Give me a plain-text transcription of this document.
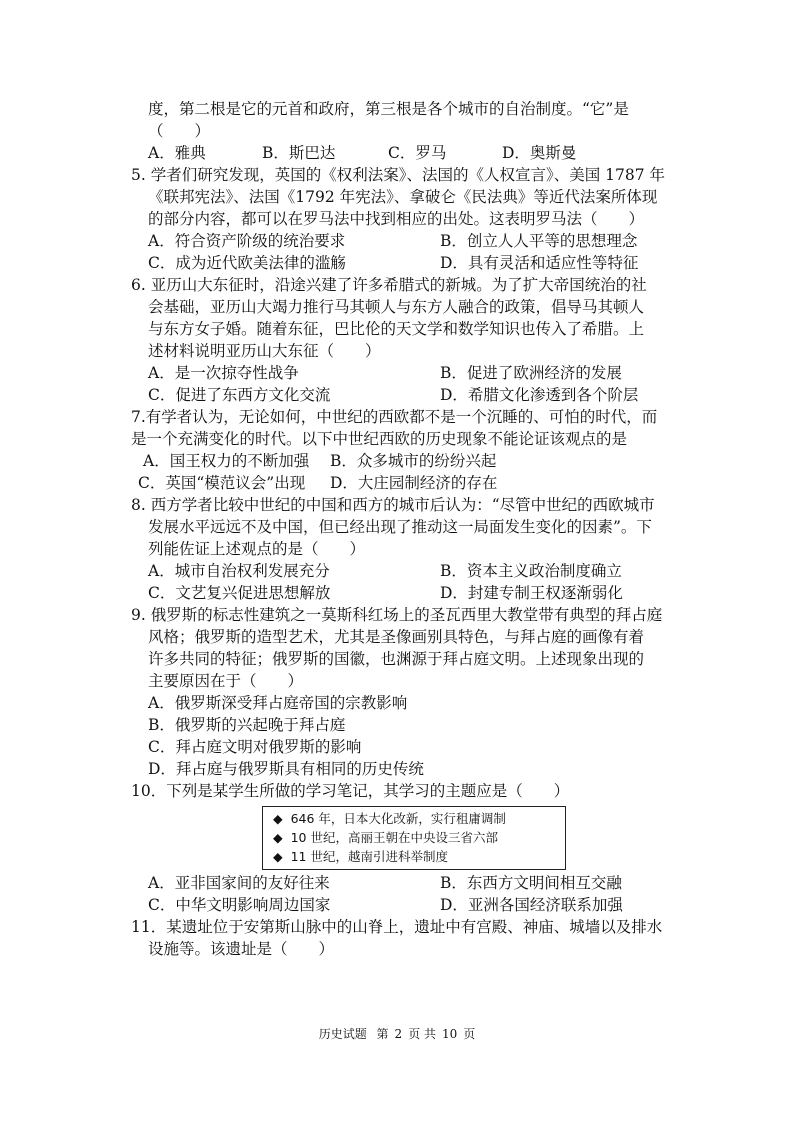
度，第二根是它的元首和政府，第三根是各个城市的自治制度。“它”是
（　　）
A．雅典	B．斯巴达	C．罗马	D．奥斯曼
5. 学者们研究发现，英国的《权利法案》、法国的《人权宣言》、美国 1787 年
《联邦宪法》、法国《1792 年宪法》、拿破仑《民法典》等近代法案所体现
的部分内容，都可以在罗马法中找到相应的出处。这表明罗马法（　　）
A．符合资产阶级的统治要求	B．创立人人平等的思想理念
C．成为近代欧美法律的滥觞	D．具有灵活和适应性等特征
6. 亚历山大东征时，沿途兴建了许多希腊式的新城。为了扩大帝国统治的社
会基础，亚历山大竭力推行马其顿人与东方人融合的政策，倡导马其顿人
与东方女子婚。随着东征，巴比伦的天文学和数学知识也传入了希腊。上
述材料说明亚历山大东征（　　）
A．是一次掠夺性战争	B．促进了欧洲经济的发展
C．促进了东西方文化交流	D．希腊文化渗透到各个阶层
7.有学者认为，无论如何，中世纪的西欧都不是一个沉睡的、可怕的时代，而
是一个充满变化的时代。以下中世纪西欧的历史现象不能论证该观点的是
A．国王权力的不断加强 B．众多城市的纷纷兴起
C．英国“模范议会”出现 D．大庄园制经济的存在
8. 西方学者比较中世纪的中国和西方的城市后认为：“尽管中世纪的西欧城市
发展水平远远不及中国，但已经出现了推动这一局面发生变化的因素”。下
列能佐证上述观点的是（　　）
A．城市自治权利发展充分	B．资本主义政治制度确立
C．文艺复兴促进思想解放	D．封建专制王权逐渐弱化
9. 俄罗斯的标志性建筑之一莫斯科红场上的圣瓦西里大教堂带有典型的拜占庭
风格；俄罗斯的造型艺术，尤其是圣像画别具特色，与拜占庭的画像有着
许多共同的特征；俄罗斯的国徽，也渊源于拜占庭文明。上述现象出现的
主要原因在于（　　）
A．俄罗斯深受拜占庭帝国的宗教影响
B．俄罗斯的兴起晚于拜占庭
C．拜占庭文明对俄罗斯的影响
D．拜占庭与俄罗斯具有相同的历史传统
10．下列是某学生所做的学习笔记，其学习的主题应是（　　）
◆ 646 年，日本大化改新，实行租庸调制
◆ 10 世纪，高丽王朝在中央设三省六部
◆ 11 世纪，越南引进科举制度
A．亚非国家间的友好往来	B．东西方文明间相互交融
C．中华文明影响周边国家	D．亚洲各国经济联系加强
11．某遗址位于安第斯山脉中的山脊上，遗址中有宫殿、神庙、城墙以及排水
设施等。该遗址是（　　）
历史试题 第 2 页 共 10 页
